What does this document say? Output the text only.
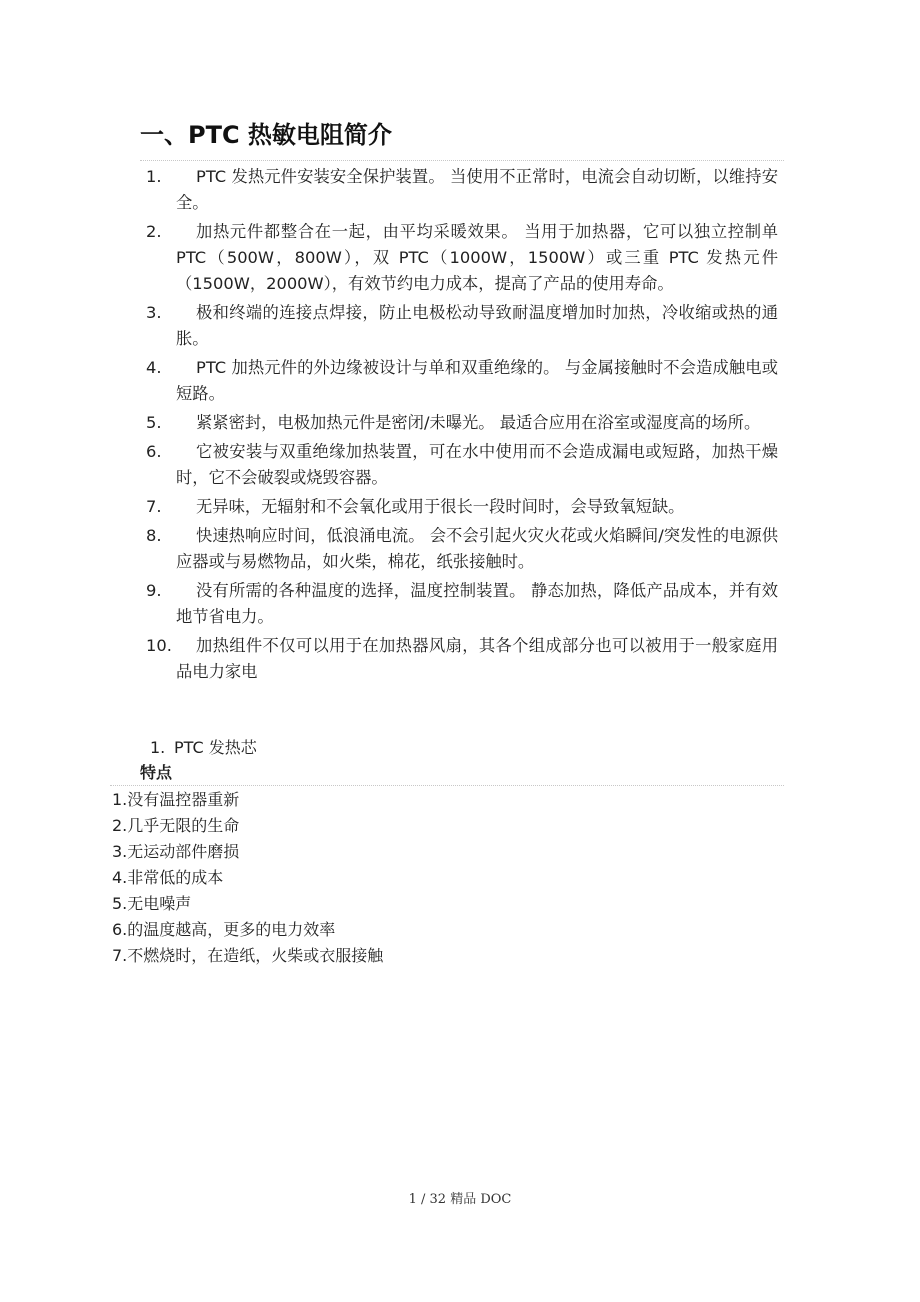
一、PTC 热敏电阻简介
1.	PTC 发热元件安装安全保护装置。 当使用不正常时，电流会自动切断，以维持安全。
2.	加热元件都整合在一起，由平均采暖效果。 当用于加热器，它可以独立控制单 PTC（500W，800W），双 PTC（1000W，1500W）或三重 PTC 发热元件（1500W，2000W），有效节约电力成本，提高了产品的使用寿命。
3.	极和终端的连接点焊接，防止电极松动导致耐温度增加时加热，冷收缩或热的通胀。
4.	PTC 加热元件的外边缘被设计与单和双重绝缘的。 与金属接触时不会造成触电或短路。
5.	紧紧密封，电极加热元件是密闭/未曝光。 最适合应用在浴室或湿度高的场所。
6.	它被安装与双重绝缘加热装置，可在水中使用而不会造成漏电或短路，加热干燥时，它不会破裂或烧毁容器。
7.	无异味，无辐射和不会氧化或用于很长一段时间时，会导致氧短缺。
8.	快速热响应时间，低浪涌电流。 会不会引起火灾火花或火焰瞬间/突发性的电源供应器或与易燃物品，如火柴，棉花，纸张接触时。
9.	没有所需的各种温度的选择，温度控制装置。 静态加热，降低产品成本，并有效地节省电力。
10.	加热组件不仅可以用于在加热器风扇，其各个组成部分也可以被用于一般家庭用品电力家电
1. PTC 发热芯
特点
1.没有温控器重新
2.几乎无限的生命
3.无运动部件磨损
4.非常低的成本
5.无电噪声
6.的温度越高，更多的电力效率
7.不燃烧时，在造纸，火柴或衣服接触
1 / 32 精品 DOC
